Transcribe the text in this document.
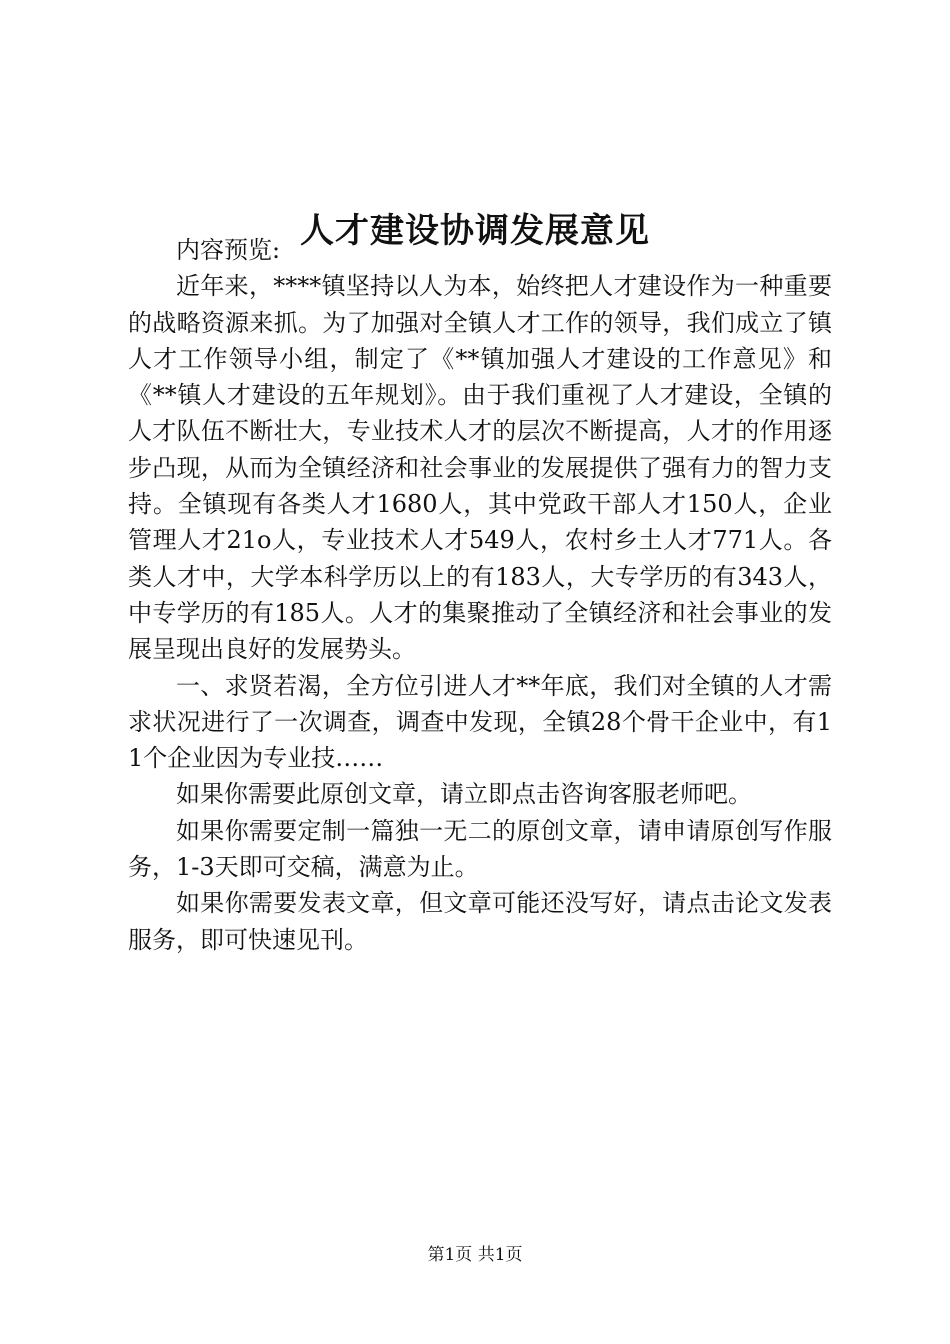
人才建设协调发展意见

内容预览:

近年来，****镇坚持以人为本，始终把人才建设作为一种重要的战略资源来抓。为了加强对全镇人才工作的领导，我们成立了镇人才工作领导小组，制定了《**镇加强人才建设的工作意见》和《**镇人才建设的五年规划》。由于我们重视了人才建设，全镇的人才队伍不断壮大，专业技术人才的层次不断提高，人才的作用逐步凸现，从而为全镇经济和社会事业的发展提供了强有力的智力支持。全镇现有各类人才1680人，其中党政干部人才150人，企业管理人才21o人，专业技术人才549人，农村乡土人才771人。各类人才中，大学本科学历以上的有183人，大专学历的有343人，中专学历的有185人。人才的集聚推动了全镇经济和社会事业的发展呈现出良好的发展势头。

一、求贤若渴，全方位引进人才**年底，我们对全镇的人才需求状况进行了一次调查，调查中发现，全镇28个骨干企业中，有11个企业因为专业技……

如果你需要此原创文章，请立即点击咨询客服老师吧。

如果你需要定制一篇独一无二的原创文章，请申请原创写作服务，1-3天即可交稿，满意为止。

如果你需要发表文章，但文章可能还没写好，请点击论文发表服务，即可快速见刊。

第1页 共1页
